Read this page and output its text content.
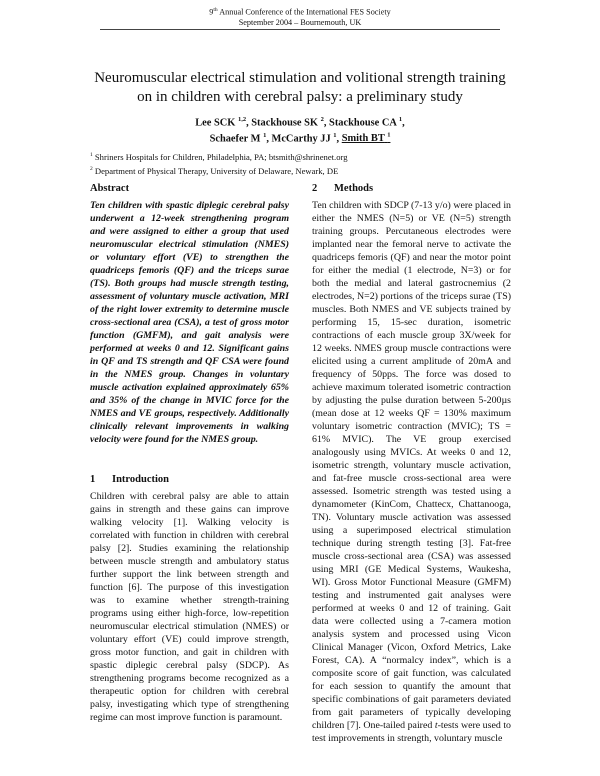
9th Annual Conference of the International FES Society
September 2004 – Bournemouth, UK
Neuromuscular electrical stimulation and volitional strength training
on in children with cerebral palsy: a preliminary study
Lee SCK $^{1,2}$, Stackhouse SK $^2$, Stackhouse CA $^1$,
Schaefer M $^1$, McCarthy JJ $^1$, Smith BT $^1$
$^1$ Shriners Hospitals for Children, Philadelphia, PA; btsmith@shrinenet.org
$^2$ Department of Physical Therapy, University of Delaware, Newark, DE
Abstract

Ten children with spastic diplegic cerebral palsy underwent a 12-week strengthening program and were assigned to either a group that used neuromuscular electrical stimulation (NMES) or voluntary effort (VE) to strengthen the quadriceps femoris (QF) and the triceps surae (TS). Both groups had muscle strength testing, assessment of voluntary muscle activation, MRI of the right lower extremity to determine muscle cross-sectional area (CSA), a test of gross motor function (GMFM), and gait analysis were performed at weeks 0 and 12. Significant gains in QF and TS strength and QF CSA were found in the NMES group. Changes in voluntary muscle activation explained approximately 65% and 35% of the change in MVIC force for the NMES and VE groups, respectively. Additionally clinically relevant improvements in walking velocity were found for the NMES group.

1 Introduction

Children with cerebral palsy are able to attain gains in strength and these gains can improve walking velocity [1]. Walking velocity is correlated with function in children with cerebral palsy [2]. Studies examining the relationship between muscle strength and ambulatory status further support the link between strength and function [6]. The purpose of this investigation was to examine whether strength-training programs using either high-force, low-repetition neuromuscular electrical stimulation (NMES) or voluntary effort (VE) could improve strength, gross motor function, and gait in children with spastic diplegic cerebral palsy (SDCP). As strengthening programs become recognized as a therapeutic option for children with cerebral palsy, investigating which type of strengthening regime can most improve function is paramount.

2 Methods

Ten children with SDCP (7-13 y/o) were placed in either the NMES (N=5) or VE (N=5) strength training groups. Percutaneous electrodes were implanted near the femoral nerve to activate the quadriceps femoris (QF) and near the motor point for either the medial (1 electrode, N=3) or for both the medial and lateral gastrocnemius (2 electrodes, N=2) portions of the triceps surae (TS) muscles. Both NMES and VE subjects trained by performing 15, 15-sec duration, isometric contractions of each muscle group 3X/week for 12 weeks. NMES group muscle contractions were elicited using a current amplitude of 20mA and frequency of 50pps. The force was dosed to achieve maximum tolerated isometric contraction by adjusting the pulse duration between 5-200µs (mean dose at 12 weeks QF = 130% maximum voluntary isometric contraction (MVIC); TS = 61% MVIC). The VE group exercised analogously using MVICs. At weeks 0 and 12, isometric strength, voluntary muscle activation, and fat-free muscle cross-sectional area were assessed. Isometric strength was tested using a dynamometer (KinCom, Chattecx, Chattanooga, TN). Voluntary muscle activation was assessed using a superimposed electrical stimulation technique during strength testing [3]. Fat-free muscle cross-sectional area (CSA) was assessed using MRI (GE Medical Systems, Waukesha, WI). Gross Motor Functional Measure (GMFM) testing and instrumented gait analyses were performed at weeks 0 and 12 of training. Gait data were collected using a 7-camera motion analysis system and processed using Vicon Clinical Manager (Vicon, Oxford Metrics, Lake Forest, CA). A “normalcy index”, which is a composite score of gait function, was calculated for each session to quantify the amount that specific combinations of gait parameters deviated from gait parameters of typically developing children [7]. One-tailed paired t-tests were used to test improvements in strength, voluntary muscle
